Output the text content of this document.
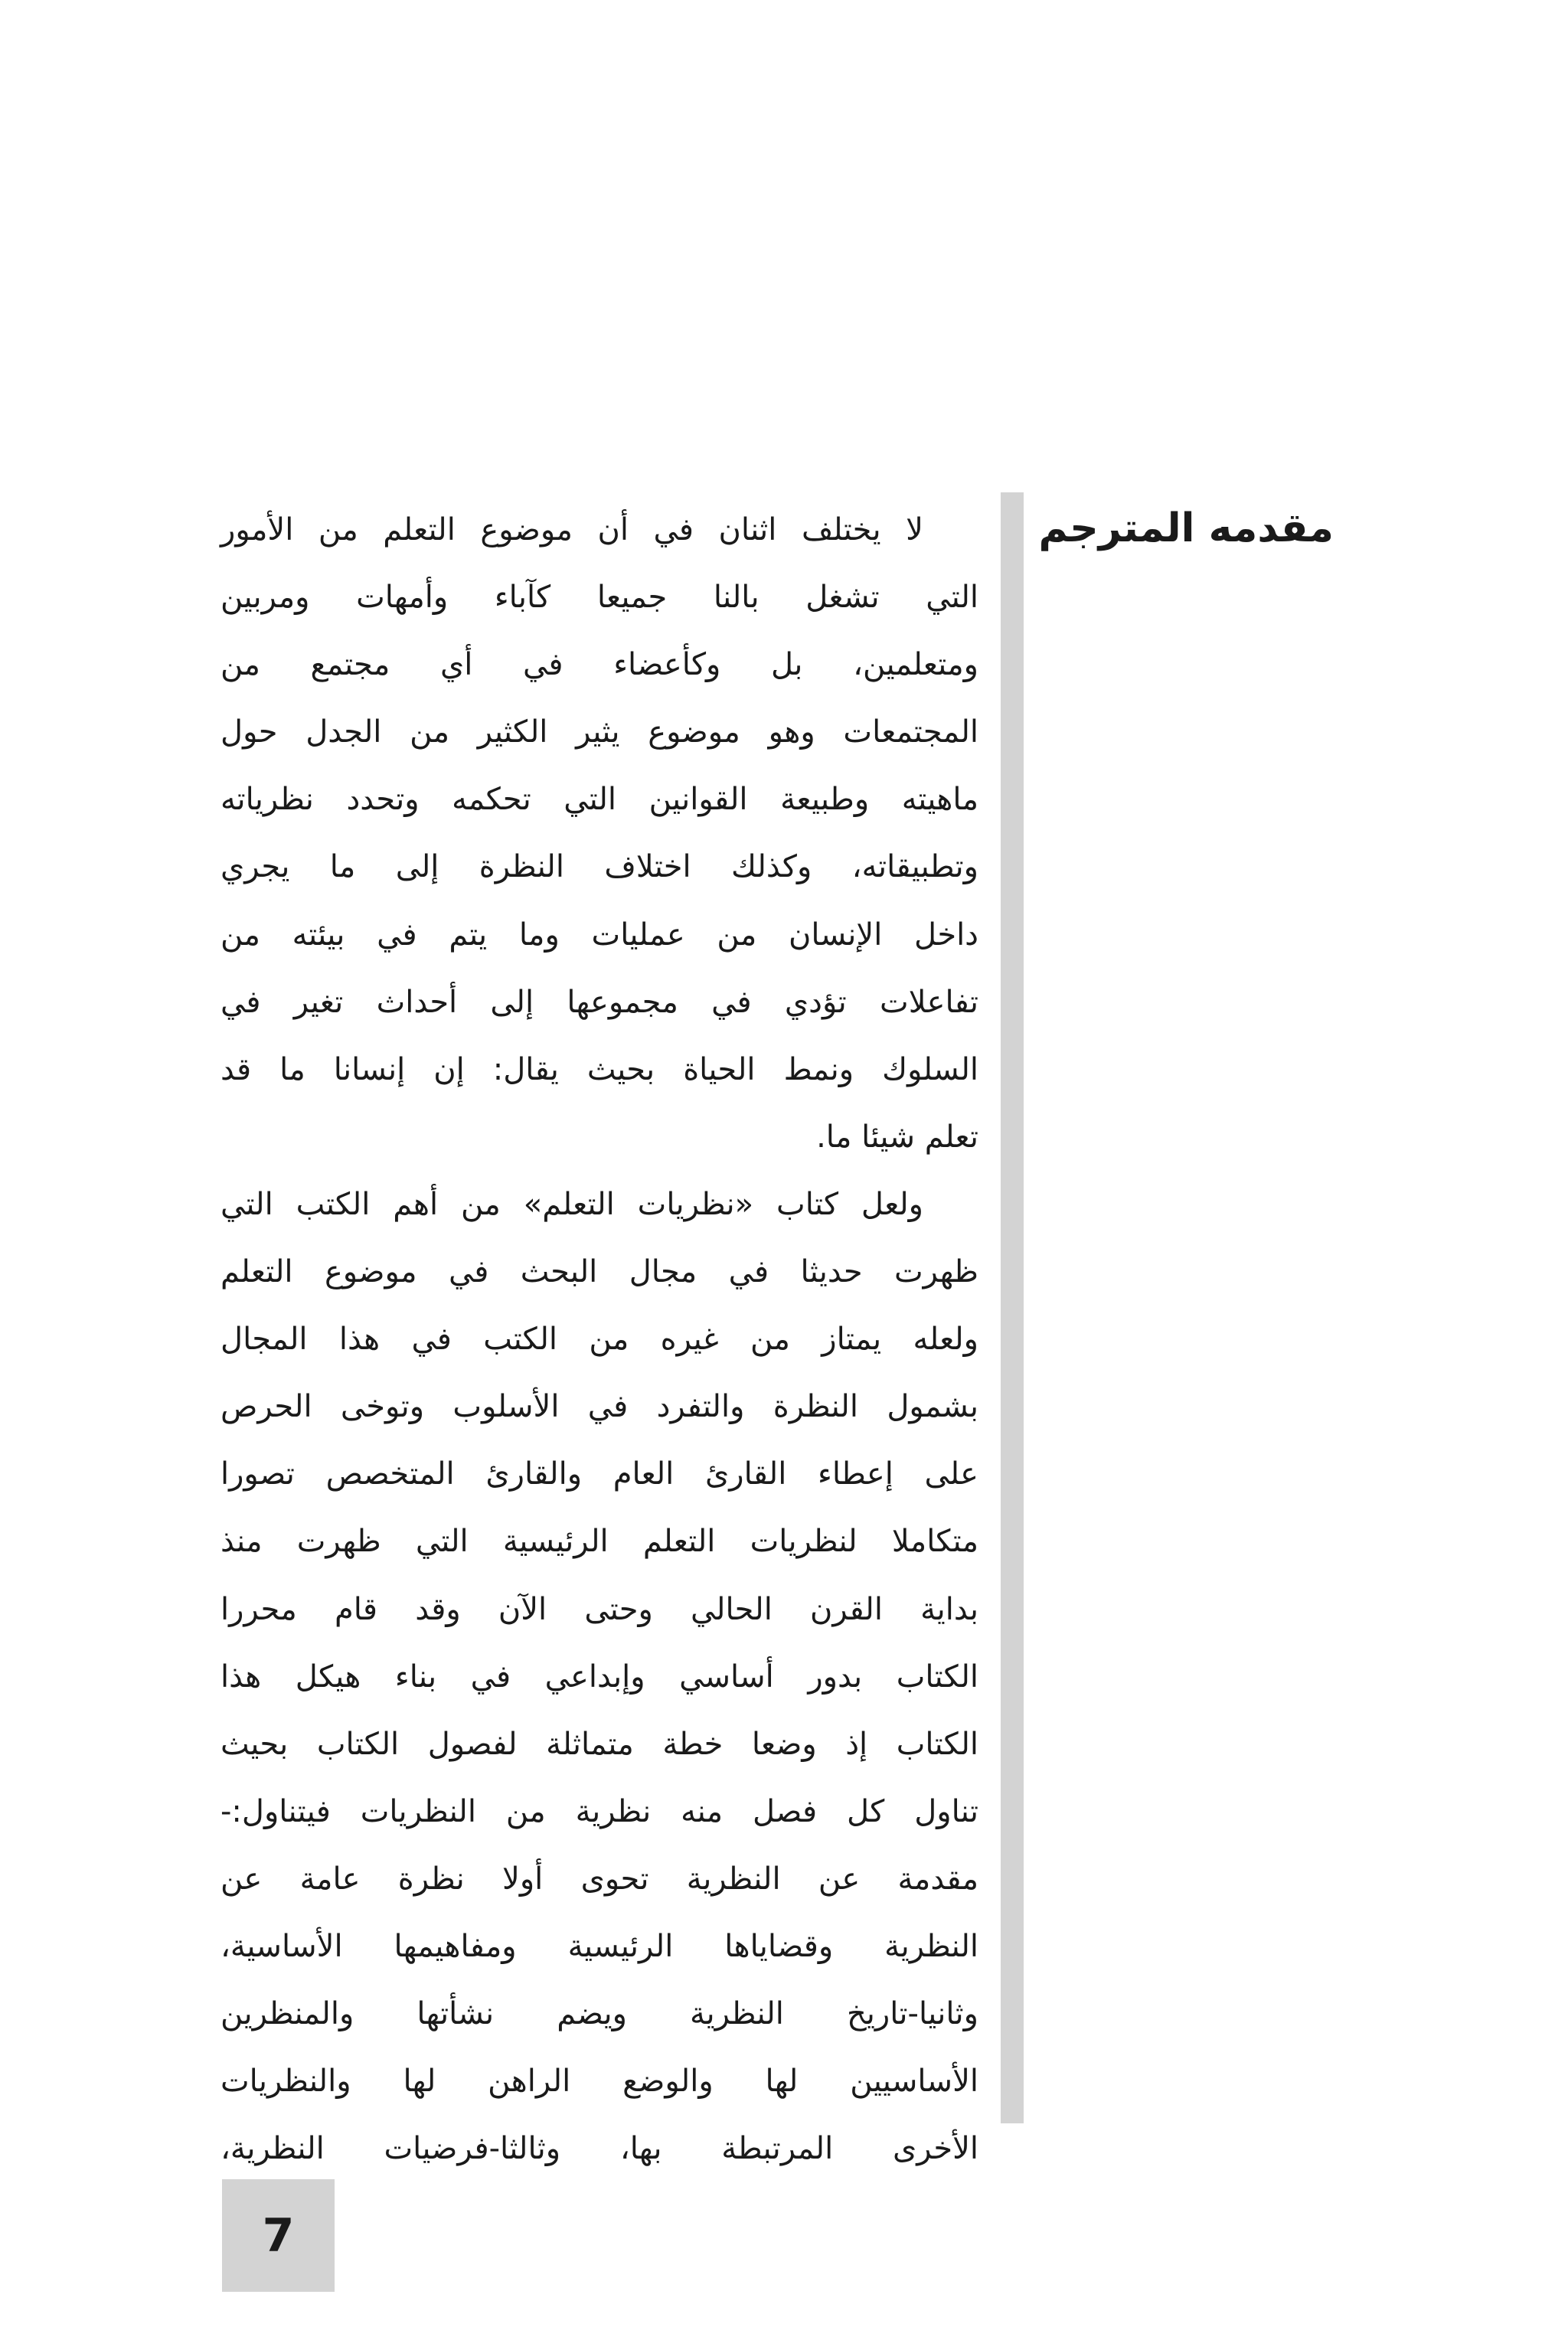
مقدمه المترجم
لا يختلف اثنان في أن موضوع التعلم من الأمور
التي تشغل بالنا جميعا كآباء وأمهات ومربين
ومتعلمين، بل وكأعضاء في أي مجتمع من
المجتمعات وهو موضوع يثير الكثير من الجدل حول
ماهيته وطبيعة القوانين التي تحكمه وتحدد نظرياته
وتطبيقاته، وكذلك اختلاف النظرة إلى ما يجري
داخل الإنسان من عمليات وما يتم في بيئته من
تفاعلات تؤدي في مجموعها إلى أحداث تغير في
السلوك ونمط الحياة بحيث يقال: إن إنسانا ما قد
تعلم شيئا ما.
ولعل كتاب «نظريات التعلم» من أهم الكتب التي
ظهرت حديثا في مجال البحث في موضوع التعلم
ولعله يمتاز من غيره من الكتب في هذا المجال
بشمول النظرة والتفرد في الأسلوب وتوخى الحرص
على إعطاء القارئ العام والقارئ المتخصص تصورا
متكاملا لنظريات التعلم الرئيسية التي ظهرت منذ
بداية القرن الحالي وحتى الآن وقد قام محررا
الكتاب بدور أساسي وإبداعي في بناء هيكل هذا
الكتاب إذ وضعا خطة متماثلة لفصول الكتاب بحيث
تناول كل فصل منه نظرية من النظريات فيتناول:-
مقدمة عن النظرية تحوى أولا نظرة عامة عن
النظرية وقضاياها الرئيسية ومفاهيمها الأساسية،
وثانيا-تاريخ النظرية ويضم نشأتها والمنظرين
الأساسيين لها والوضع الراهن لها والنظريات
الأخرى المرتبطة بها، وثالثا-فرضيات النظرية،
7
